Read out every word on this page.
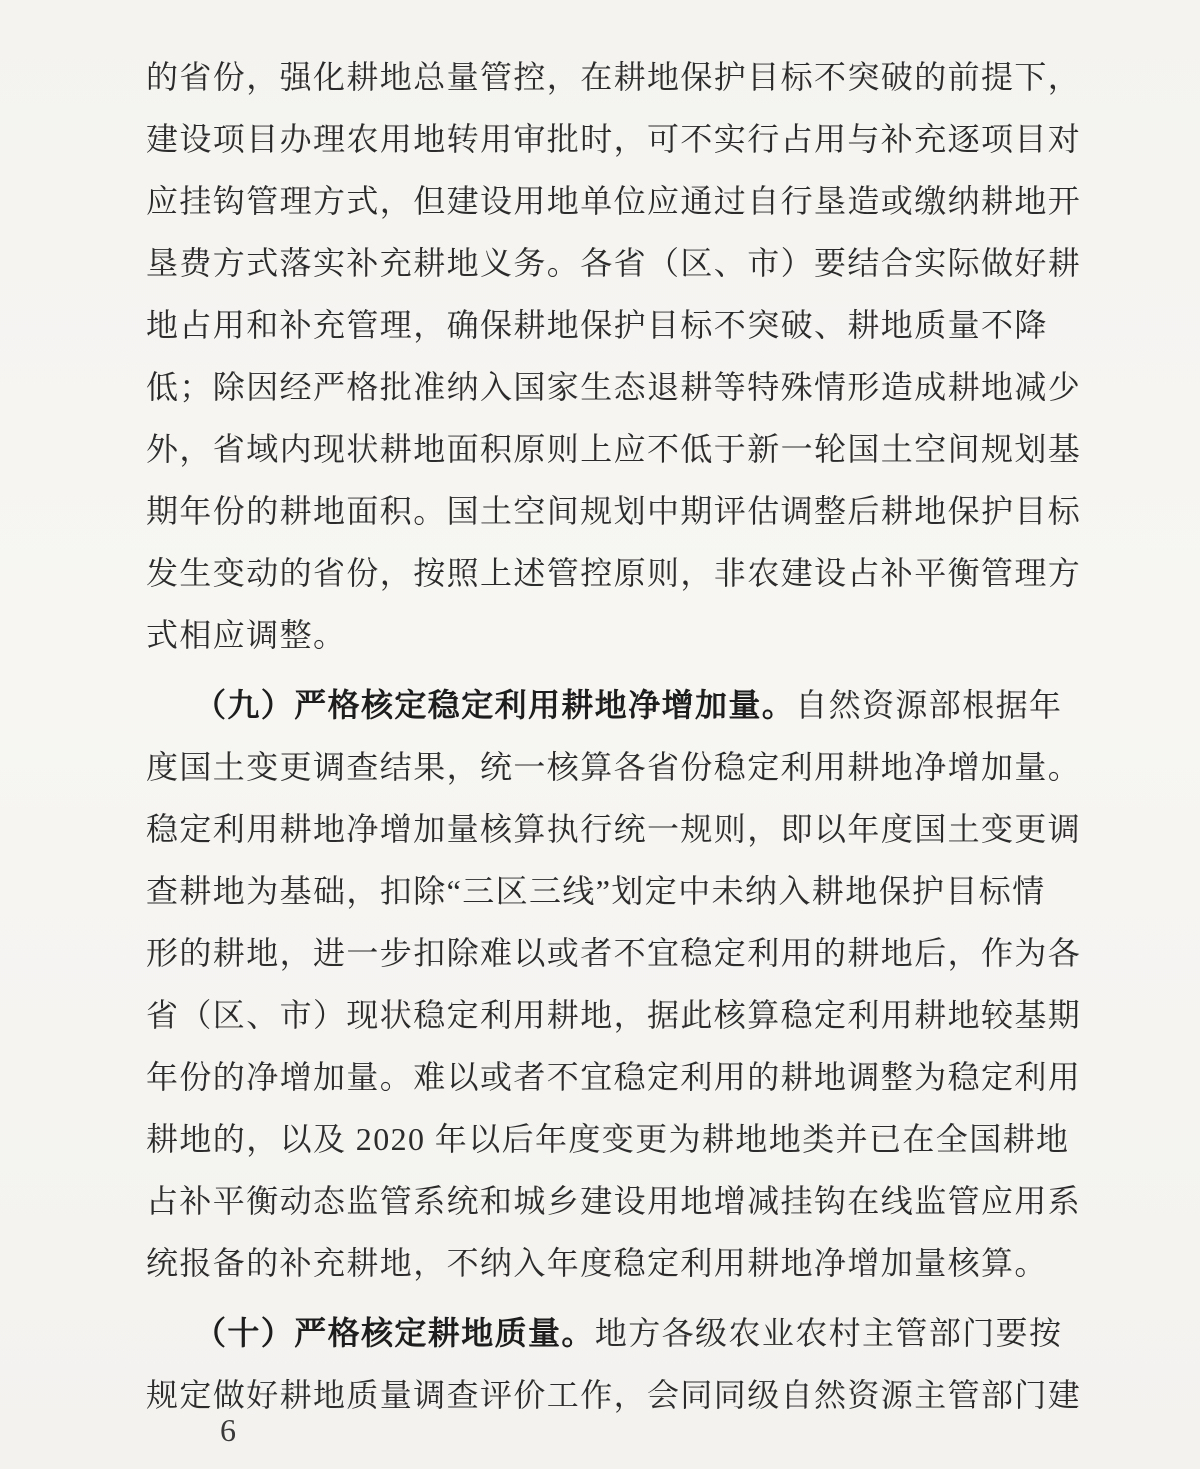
的省份，强化耕地总量管控，在耕地保护目标不突破的前提下，
建设项目办理农用地转用审批时，可不实行占用与补充逐项目对
应挂钩管理方式，但建设用地单位应通过自行垦造或缴纳耕地开
垦费方式落实补充耕地义务。各省（区、市）要结合实际做好耕
地占用和补充管理，确保耕地保护目标不突破、耕地质量不降
低；除因经严格批准纳入国家生态退耕等特殊情形造成耕地减少
外，省域内现状耕地面积原则上应不低于新一轮国土空间规划基
期年份的耕地面积。国土空间规划中期评估调整后耕地保护目标
发生变动的省份，按照上述管控原则，非农建设占补平衡管理方
式相应调整。
（九）严格核定稳定利用耕地净增加量。 自然资源部根据年
度国土变更调查结果，统一核算各省份稳定利用耕地净增加量。
稳定利用耕地净增加量核算执行统一规则，即以年度国土变更调
查耕地为基础，扣除“三区三线”划定中未纳入耕地保护目标情
形的耕地，进一步扣除难以或者不宜稳定利用的耕地后，作为各
省（区、市）现状稳定利用耕地，据此核算稳定利用耕地较基期
年份的净增加量。难以或者不宜稳定利用的耕地调整为稳定利用
耕地的，以及 2020 年以后年度变更为耕地地类并已在全国耕地
占补平衡动态监管系统和城乡建设用地增减挂钩在线监管应用系
统报备的补充耕地，不纳入年度稳定利用耕地净增加量核算。
（十）严格核定耕地质量。 地方各级农业农村主管部门要按
规定做好耕地质量调查评价工作，会同同级自然资源主管部门建
6
